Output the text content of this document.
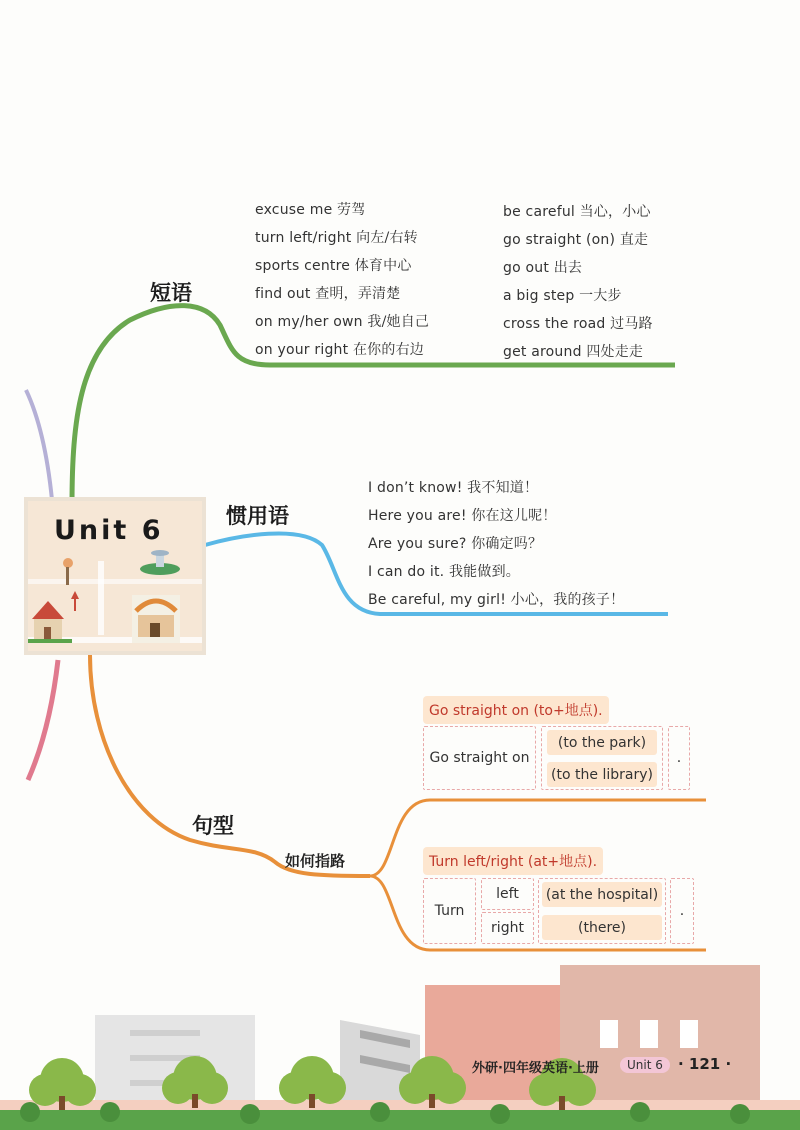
Unit 6
短语
excuse me 劳驾
turn left/right 向左/右转
sports centre 体育中心
find out 查明，弄清楚
on my/her own 我/她自己
on your right 在你的右边
be careful 当心，小心
go straight (on) 直走
go out 出去
a big step 一大步
cross the road 过马路
get around 四处走走
惯用语
I don’t know! 我不知道！
Here you are! 你在这儿呢！
Are you sure? 你确定吗？
I can do it. 我能做到。
Be careful, my girl! 小心，我的孩子！
句型
如何指路
Go straight on (to+地点).
Go straight on
(to the park)
(to the library)
.
Turn left/right (at+地点).
Turn
left
right
(at the hospital)
(there)
.
外研·四年级英语·上册	Unit 6	· 121 ·
